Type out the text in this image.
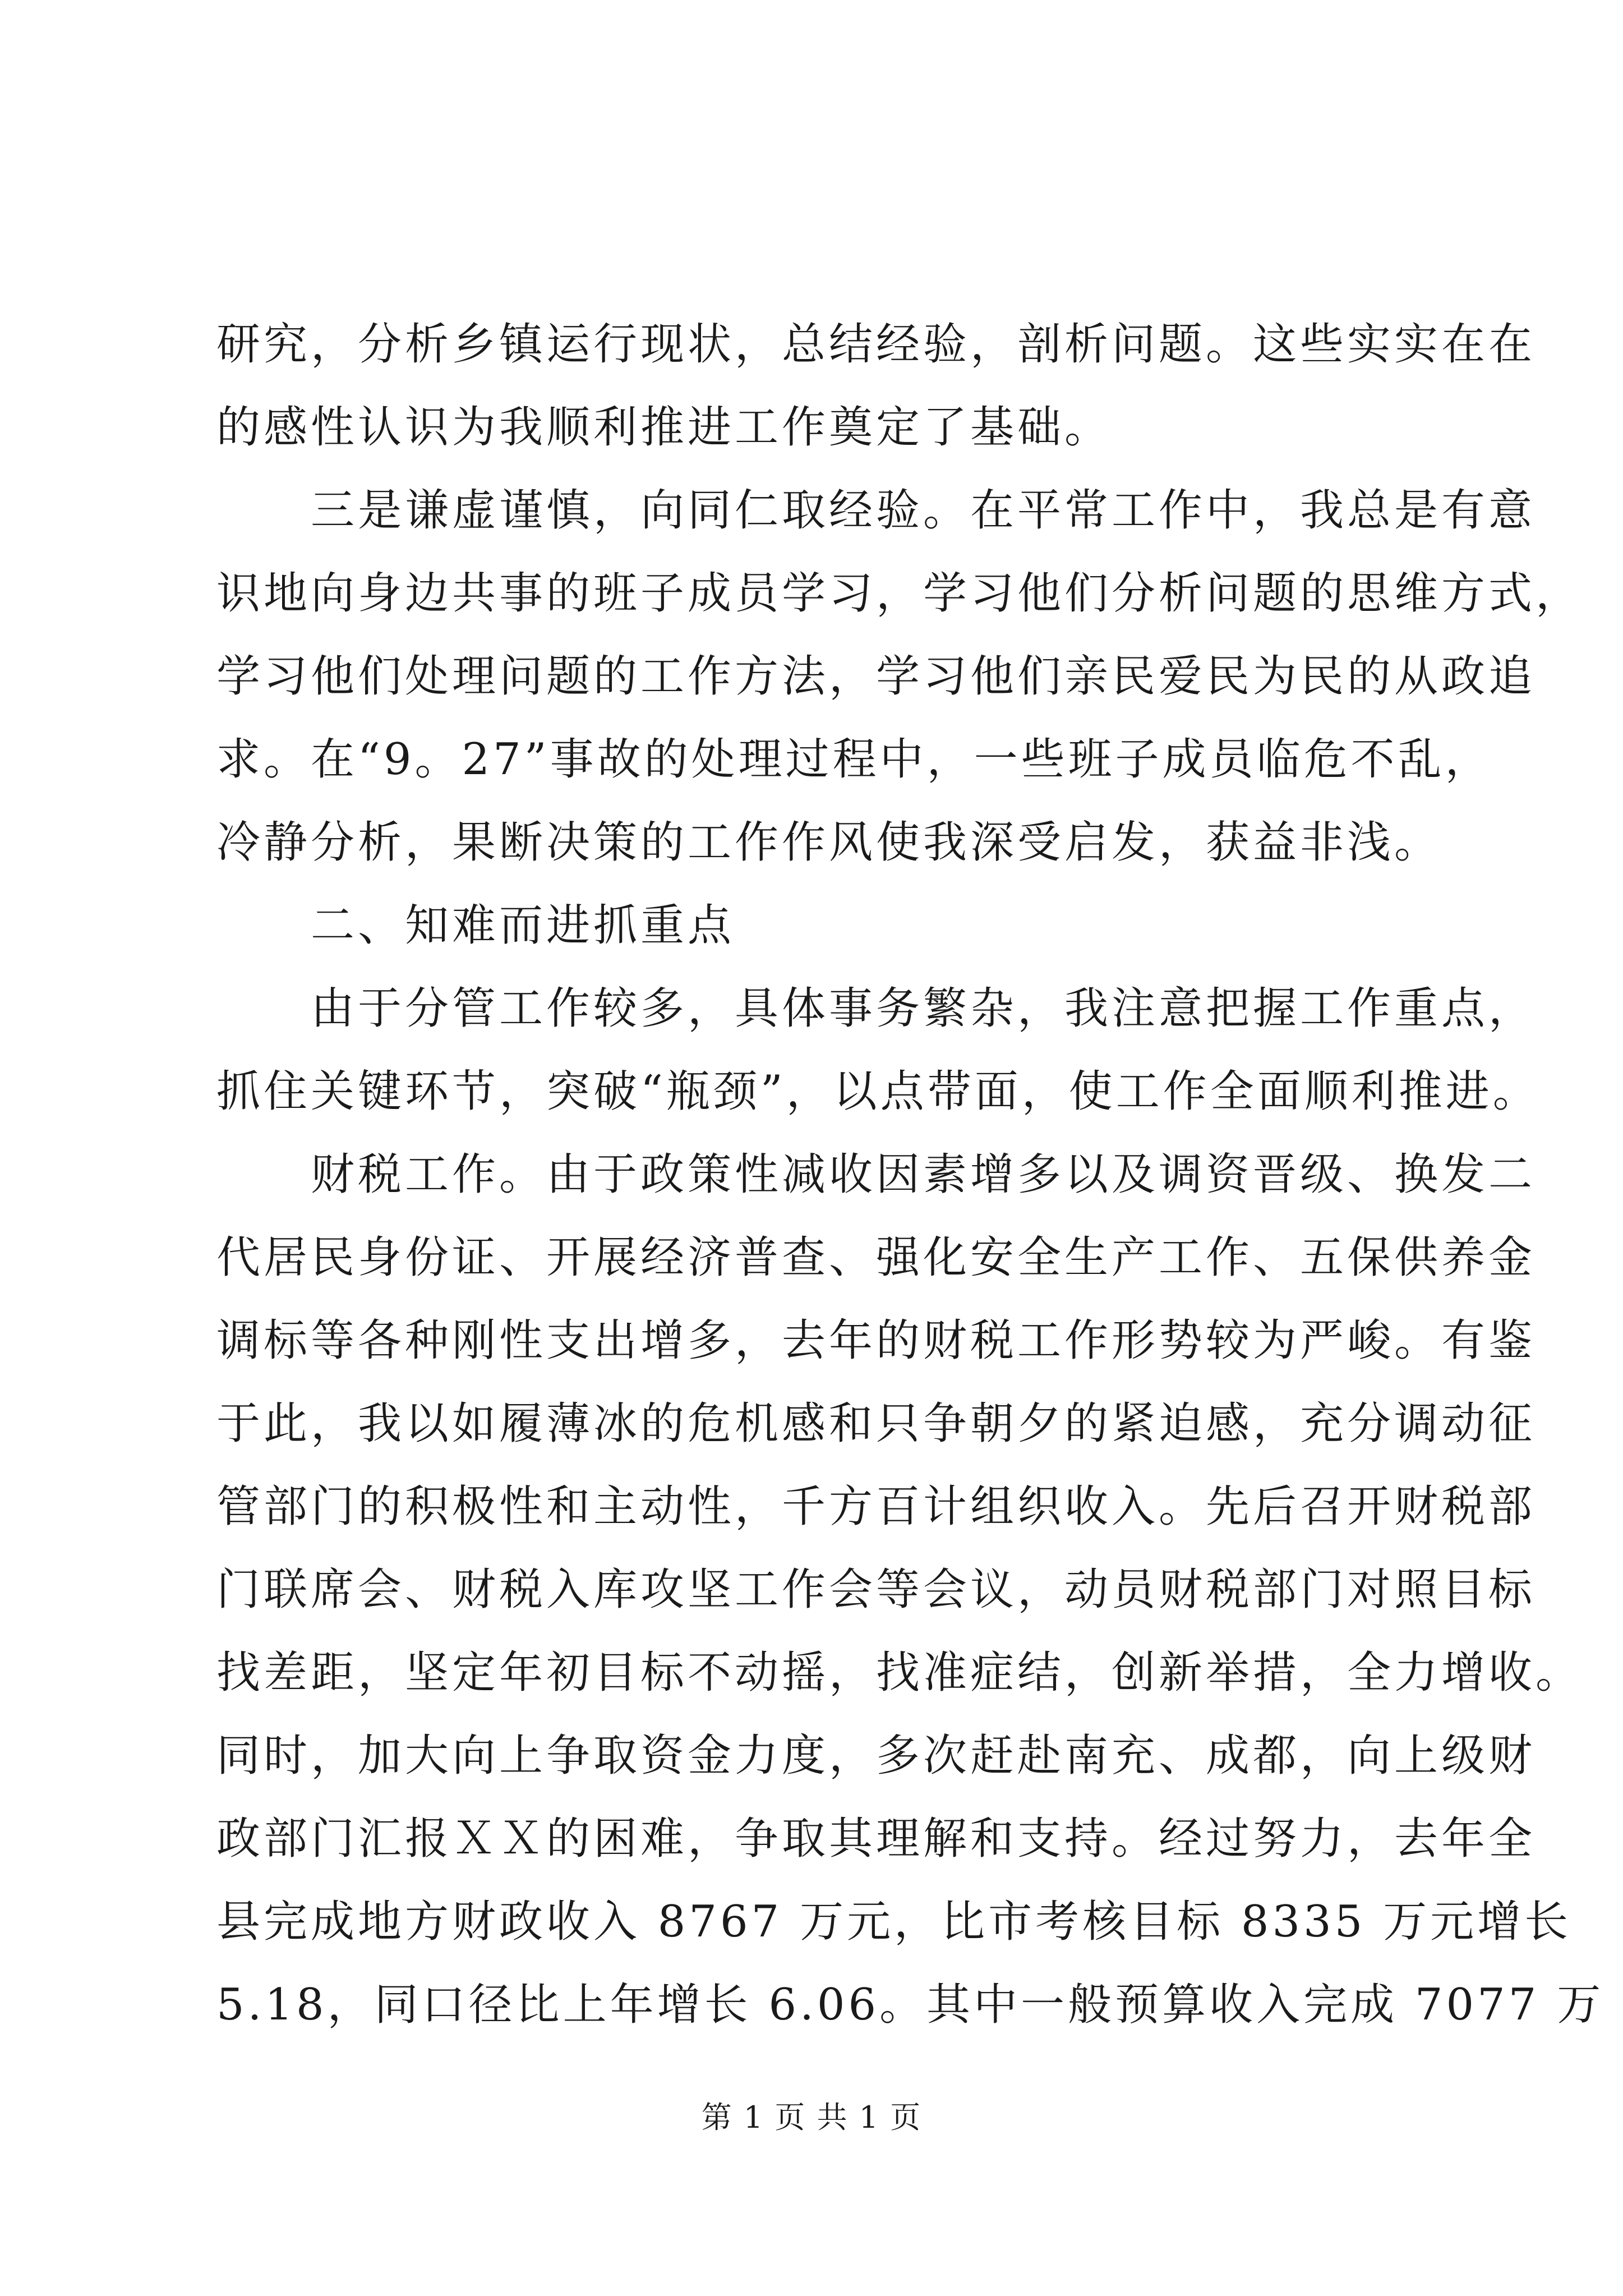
研究，分析乡镇运行现状，总结经验，剖析问题。这些实实在在
的感性认识为我顺利推进工作奠定了基础。
三是谦虚谨慎，向同仁取经验。在平常工作中，我总是有意
识地向身边共事的班子成员学习，学习他们分析问题的思维方式，
学习他们处理问题的工作方法，学习他们亲民爱民为民的从政追
求。在“9。27”事故的处理过程中，一些班子成员临危不乱，
冷静分析，果断决策的工作作风使我深受启发，获益非浅。
二、知难而进抓重点
由于分管工作较多，具体事务繁杂，我注意把握工作重点，
抓住关键环节，突破“瓶颈”，以点带面，使工作全面顺利推进。
财税工作。由于政策性减收因素增多以及调资晋级、换发二
代居民身份证、开展经济普查、强化安全生产工作、五保供养金
调标等各种刚性支出增多，去年的财税工作形势较为严峻。有鉴
于此，我以如履薄冰的危机感和只争朝夕的紧迫感，充分调动征
管部门的积极性和主动性，千方百计组织收入。先后召开财税部
门联席会、财税入库攻坚工作会等会议，动员财税部门对照目标
找差距，坚定年初目标不动摇，找准症结，创新举措，全力增收。
同时，加大向上争取资金力度，多次赶赴南充、成都，向上级财
政部门汇报ＸＸ的困难，争取其理解和支持。经过努力，去年全
县完成地方财政收入 8767 万元，比市考核目标 8335 万元增长
5.18，同口径比上年增长 6.06。其中一般预算收入完成 7077 万
第 1 页 共 1 页
